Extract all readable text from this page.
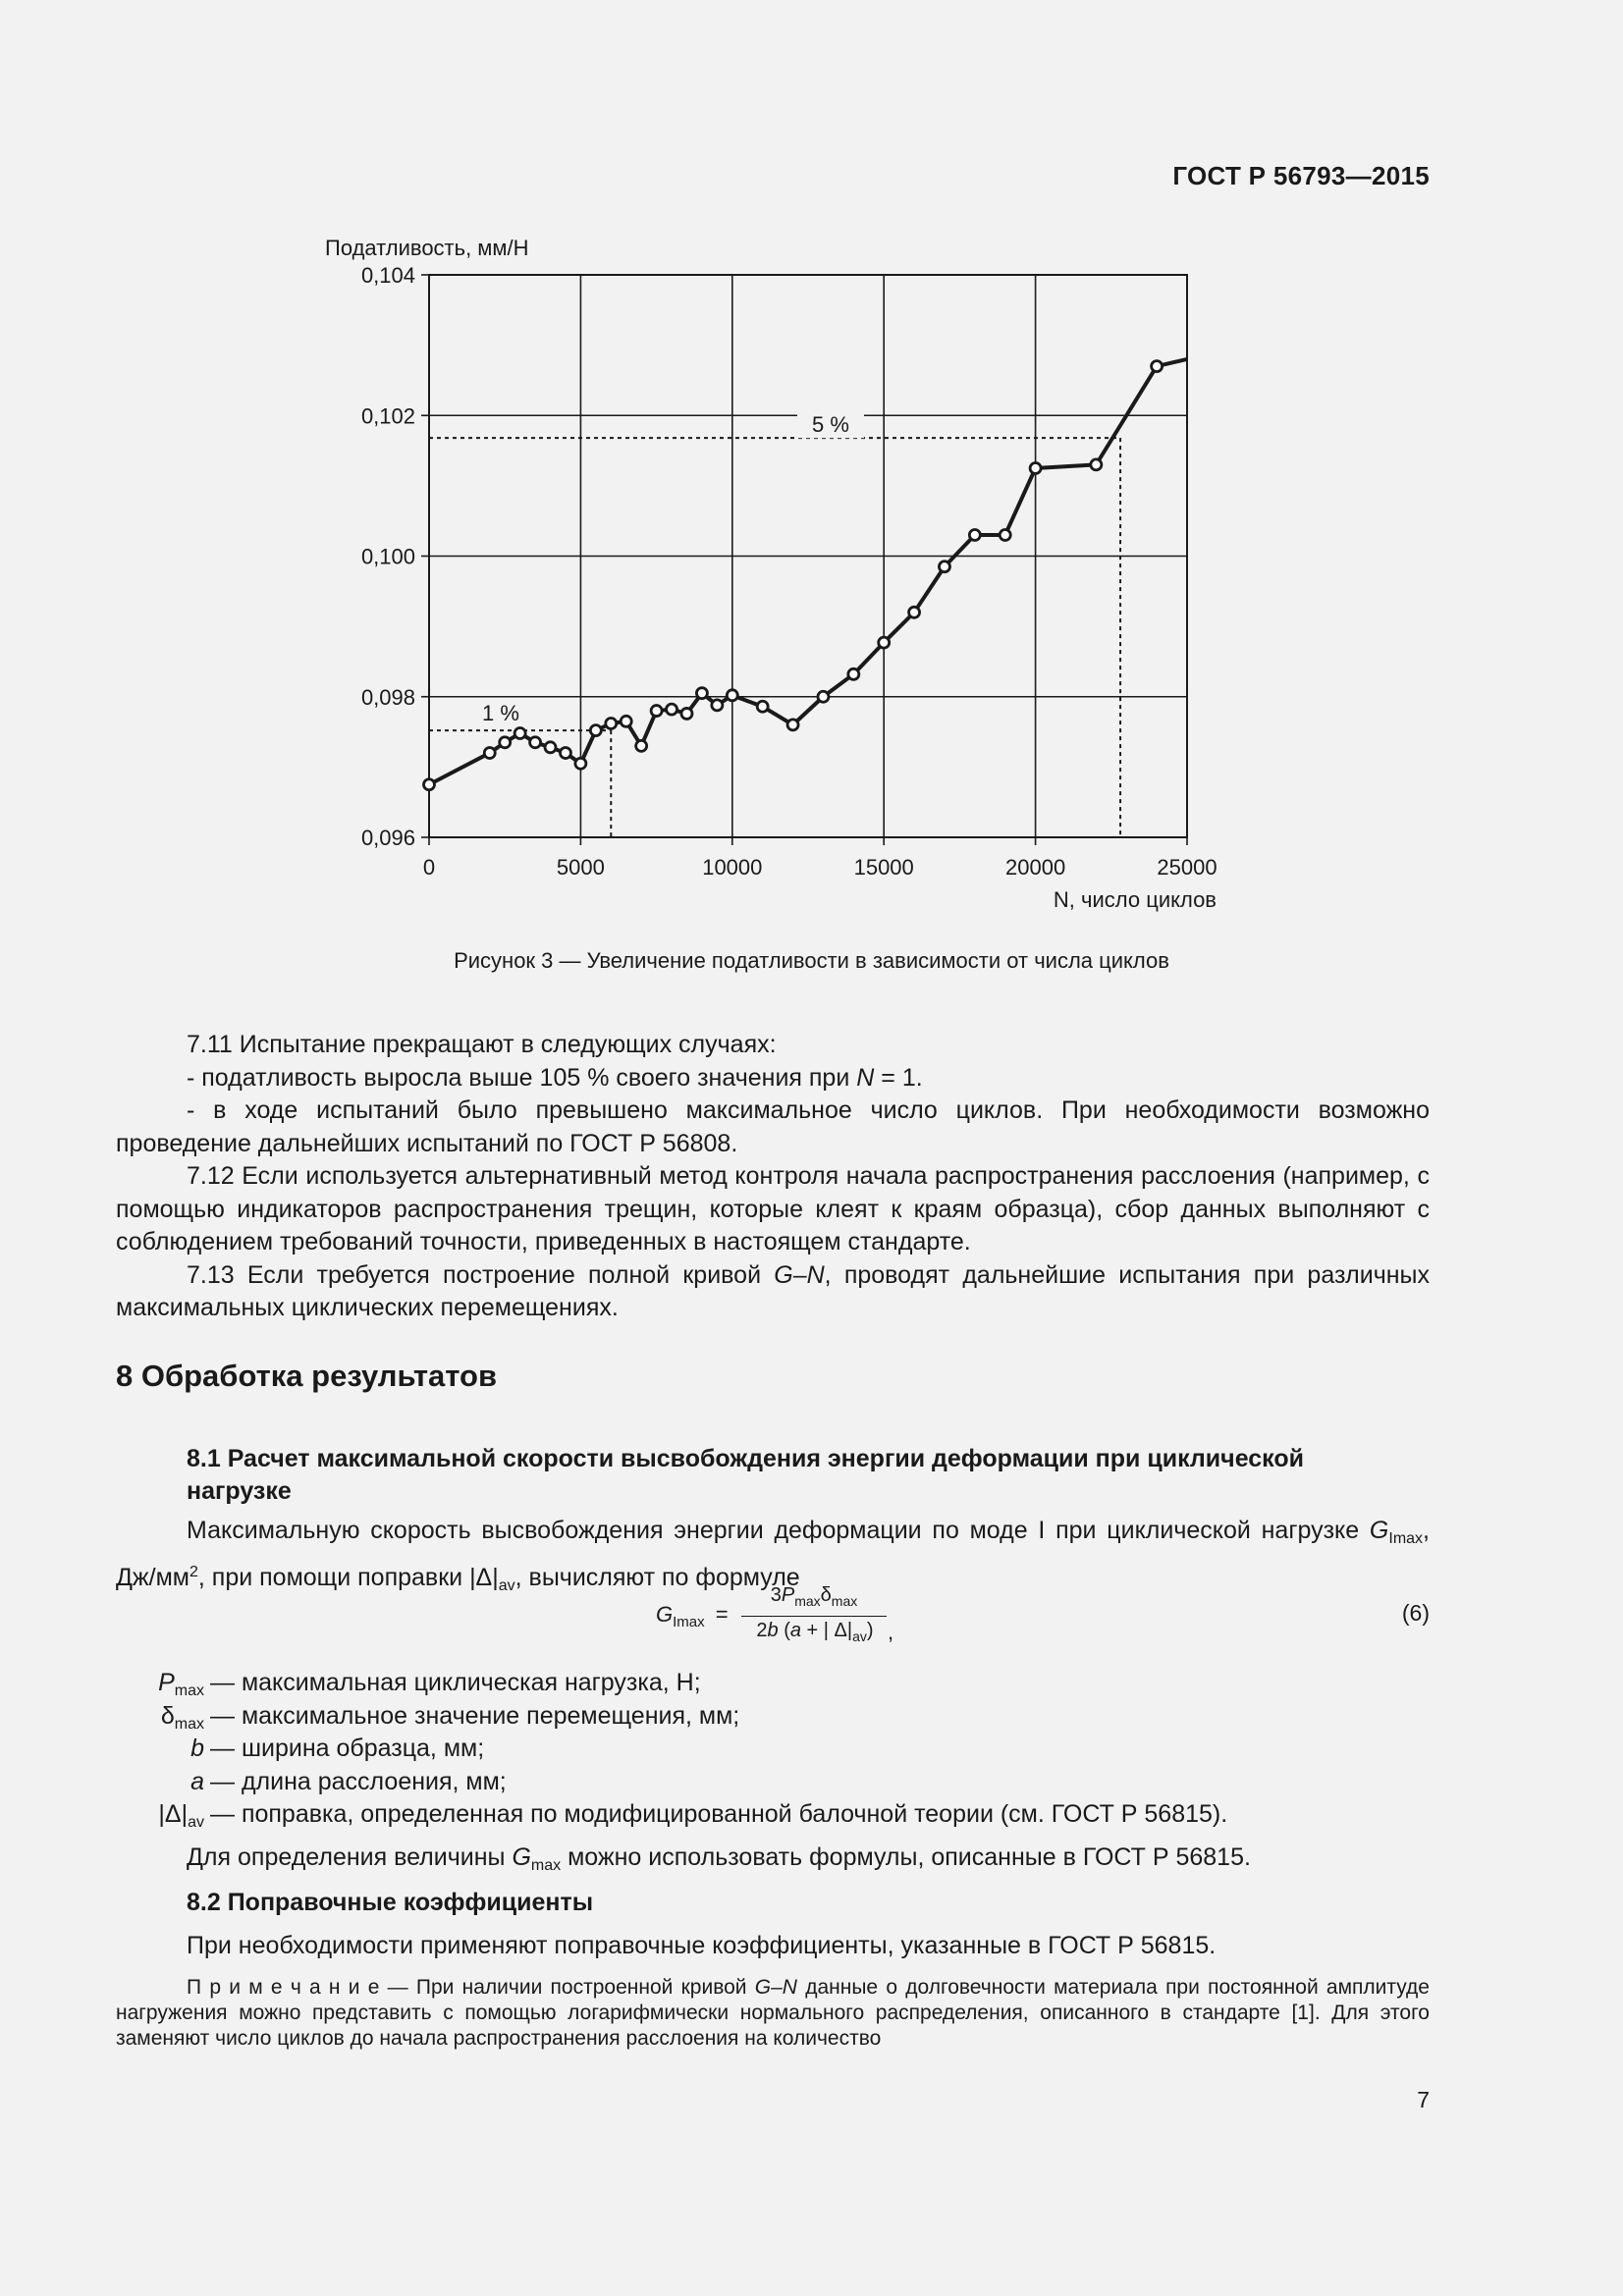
ГОСТ Р 56793—2015
0	5000	10000	15000	20000	25000
0,096
0,098
0,100
0,102
0,104
Податливость, мм/Н
N, число циклов
1 %
5 %
Рисунок 3 — Увеличение податливости в зависимости от числа циклов

7.11 Испытание прекращают в следующих случаях:

- податливость выросла выше 105 % своего значения при N = 1.

- в ходе испытаний было превышено максимальное число циклов. При необходимости возможно проведение дальнейших испытаний по ГОСТ Р 56808.

7.12 Если используется альтернативный метод контроля начала распространения расслоения (например, с помощью индикаторов распространения трещин, которые клеят к краям образца), сбор данных выполняют с соблюдением требований точности, приведенных в настоящем стандарте.

7.13 Если требуется построение полной кривой G–N, проводят дальнейшие испытания при различных максимальных циклических перемещениях.

8 Обработка результатов
8.1 Расчет максимальной скорости высвобождения энергии деформации при циклической нагрузке

Максимальную скорость высвобождения энергии деформации по моде I при циклической нагрузке $G_{Imax}$, $Дж/мм^2$, при помощи поправки $|\Delta|_{av}$, вычисляют по формуле

$G_{Imax}$ =
$3P_{max}\delta_{max}$
2b (a + | $\Delta|_{av}$) ,
(6)
$P_{max}$ — максимальная циклическая нагрузка, Н;
$\delta_{max}$ — максимальное значение перемещения, мм;
b — ширина образца, мм;
a — длина расслоения, мм;
$|\Delta|_{av}$ — поправка, определенная по модифицированной балочной теории (см. ГОСТ Р 56815).

Для определения величины $G_{max}$ можно использовать формулы, описанные в ГОСТ Р 56815.

8.2 Поправочные коэффициенты

При необходимости применяют поправочные коэффициенты, указанные в ГОСТ Р 56815.

П р и м е ч а н и е — При наличии построенной кривой G–N данные о долговечности материала при постоянной амплитуде нагружения можно представить с помощью логарифмически нормального распределения, описанного в стандарте [1]. Для этого заменяют число циклов до начала распространения расслоения на количество
7
